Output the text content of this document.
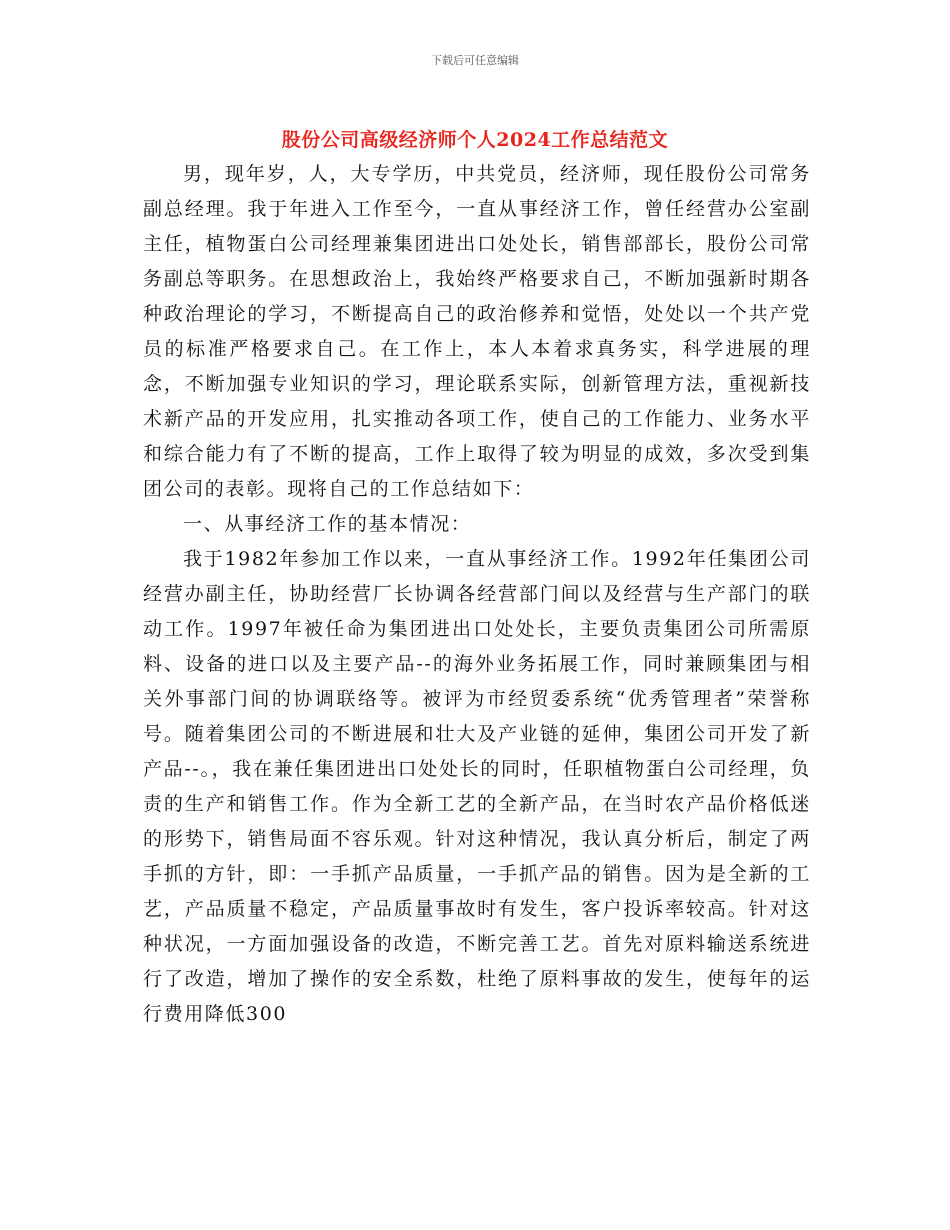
下载后可任意编辑
股份公司高级经济师个人2024工作总结范文

男，现年岁，人，大专学历，中共党员，经济师，现任股份公司常务副总经理。我于年进入工作至今，一直从事经济工作，曾任经营办公室副主任，植物蛋白公司经理兼集团进出口处处长，销售部部长，股份公司常务副总等职务。在思想政治上，我始终严格要求自己，不断加强新时期各种政治理论的学习，不断提高自己的政治修养和觉悟，处处以一个共产党员的标准严格要求自己。在工作上，本人本着求真务实，科学进展的理念，不断加强专业知识的学习，理论联系实际，创新管理方法，重视新技术新产品的开发应用，扎实推动各项工作，使自己的工作能力、业务水平和综合能力有了不断的提高，工作上取得了较为明显的成效，多次受到集团公司的表彰。现将自己的工作总结如下：

一、从事经济工作的基本情况：

我于1982年参加工作以来，一直从事经济工作。1992年任集团公司经营办副主任，协助经营厂长协调各经营部门间以及经营与生产部门的联动工作。1997年被任命为集团进出口处处长，主要负责集团公司所需原料、设备的进口以及主要产品--的海外业务拓展工作，同时兼顾集团与相关外事部门间的协调联络等。被评为市经贸委系统“优秀管理者”荣誉称号。随着集团公司的不断进展和壮大及产业链的延伸，集团公司开发了新产品--。，我在兼任集团进出口处处长的同时，任职植物蛋白公司经理，负责的生产和销售工作。作为全新工艺的全新产品，在当时农产品价格低迷的形势下，销售局面不容乐观。针对这种情况，我认真分析后，制定了两手抓的方针，即：一手抓产品质量，一手抓产品的销售。因为是全新的工艺，产品质量不稳定，产品质量事故时有发生，客户投诉率较高。针对这种状况，一方面加强设备的改造，不断完善工艺。首先对原料输送系统进行了改造，增加了操作的安全系数，杜绝了原料事故的发生，使每年的运行费用降低300
